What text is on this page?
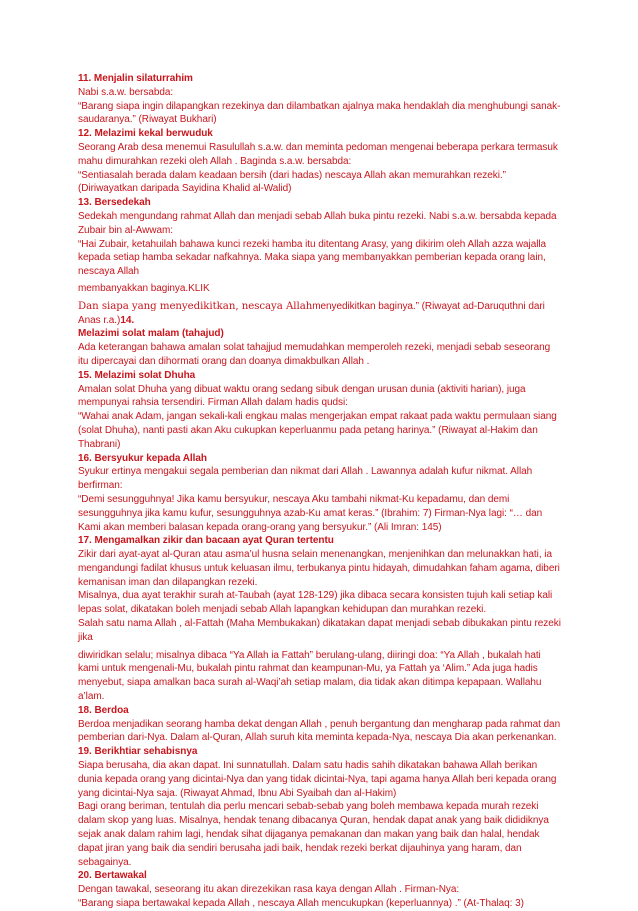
11. Menjalin silaturrahim

Nabi s.a.w. bersabda:

“Barang siapa ingin dilapangkan rezekinya dan dilambatkan ajalnya maka hendaklah dia menghubungi sanak-saudaranya.” (Riwayat Bukhari)

12. Melazimi kekal berwuduk

Seorang Arab desa menemui Rasulullah s.a.w. dan meminta pedoman mengenai beberapa perkara termasuk mahu dimurahkan rezeki oleh Allah . Baginda s.a.w. bersabda:

“Sentiasalah berada dalam keadaan bersih (dari hadas) nescaya Allah akan memurahkan rezeki.” (Diriwayatkan daripada Sayidina Khalid al-Walid)

13. Bersedekah

Sedekah mengundang rahmat Allah dan menjadi sebab Allah buka pintu rezeki. Nabi s.a.w. bersabda kepada Zubair bin al-Awwam:

“Hai Zubair, ketahuilah bahawa kunci rezeki hamba itu ditentang Arasy, yang dikirim oleh Allah azza wajalla kepada setiap hamba sekadar nafkahnya. Maka siapa yang membanyakkan pemberian kepada orang lain, nescaya Allah

membanyakkan baginya.KLIK

Dan siapa yang menyedikitkan, nescaya Allahmenyedikitkan baginya.” (Riwayat ad-Daruquthni dari Anas r.a.)14.

Melazimi solat malam (tahajud)

Ada keterangan bahawa amalan solat tahajjud memudahkan memperoleh rezeki, menjadi sebab seseorang itu dipercayai dan dihormati orang dan doanya dimakbulkan Allah .

15. Melazimi solat Dhuha

Amalan solat Dhuha yang dibuat waktu orang sedang sibuk dengan urusan dunia (aktiviti harian), juga mempunyai rahsia tersendiri. Firman Allah dalam hadis qudsi:

“Wahai anak Adam, jangan sekali-kali engkau malas mengerjakan empat rakaat pada waktu permulaan siang (solat Dhuha), nanti pasti akan Aku cukupkan keperluanmu pada petang harinya.” (Riwayat al-Hakim dan Thabrani)

16. Bersyukur kepada Allah

Syukur ertinya mengakui segala pemberian dan nikmat dari Allah . Lawannya adalah kufur nikmat. Allah berfirman:

“Demi sesungguhnya! Jika kamu bersyukur, nescaya Aku tambahi nikmat-Ku kepadamu, dan demi sesungguhnya jika kamu kufur, sesungguhnya azab-Ku amat keras.” (Ibrahim: 7) Firman-Nya lagi: “… dan Kami akan memberi balasan kepada orang-orang yang bersyukur.” (Ali Imran: 145)

17. Mengamalkan zikir dan bacaan ayat Quran tertentu

Zikir dari ayat-ayat al-Quran atau asma’ul husna selain menenangkan, menjenihkan dan melunakkan hati, ia mengandungi fadilat khusus untuk keluasan ilmu, terbukanya pintu hidayah, dimudahkan faham agama, diberi kemanisan iman dan dilapangkan rezeki.

Misalnya, dua ayat terakhir surah at-Taubah (ayat 128-129) jika dibaca secara konsisten tujuh kali setiap kali lepas solat, dikatakan boleh menjadi sebab Allah lapangkan kehidupan dan murahkan rezeki.

Salah satu nama Allah , al-Fattah (Maha Membukakan) dikatakan dapat menjadi sebab dibukakan pintu rezeki jika

diwiridkan selalu; misalnya dibaca “Ya Allah ia Fattah” berulang-ulang, diiringi doa: “Ya Allah , bukalah hati kami untuk mengenali-Mu, bukalah pintu rahmat dan keampunan-Mu, ya Fattah ya ‘Alim.” Ada juga hadis menyebut, siapa amalkan baca surah al-Waqi’ah setiap malam, dia tidak akan ditimpa kepapaan. Wallahu a’lam.

18. Berdoa

Berdoa menjadikan seorang hamba dekat dengan Allah , penuh bergantung dan mengharap pada rahmat dan pemberian dari-Nya. Dalam al-Quran, Allah suruh kita meminta kepada-Nya, nescaya Dia akan perkenankan.

19. Berikhtiar sehabisnya

Siapa berusaha, dia akan dapat. Ini sunnatullah. Dalam satu hadis sahih dikatakan bahawa Allah berikan dunia kepada orang yang dicintai-Nya dan yang tidak dicintai-Nya, tapi agama hanya Allah beri kepada orang yang dicintai-Nya saja. (Riwayat Ahmad, Ibnu Abi Syaibah dan al-Hakim)

Bagi orang beriman, tentulah dia perlu mencari sebab-sebab yang boleh membawa kepada murah rezeki dalam skop yang luas. Misalnya, hendak tenang dibacanya Quran, hendak dapat anak yang baik dididiknya sejak anak dalam rahim lagi, hendak sihat dijaganya pemakanan dan makan yang baik dan halal, hendak dapat jiran yang baik dia sendiri berusaha jadi baik, hendak rezeki berkat dijauhinya yang haram, dan sebagainya.

20. Bertawakal

Dengan tawakal, seseorang itu akan direzekikan rasa kaya dengan Allah . Firman-Nya:

“Barang siapa bertawakal kepada Allah , nescaya Allah mencukupkan (keperluannya) .” (At-Thalaq: 3)
